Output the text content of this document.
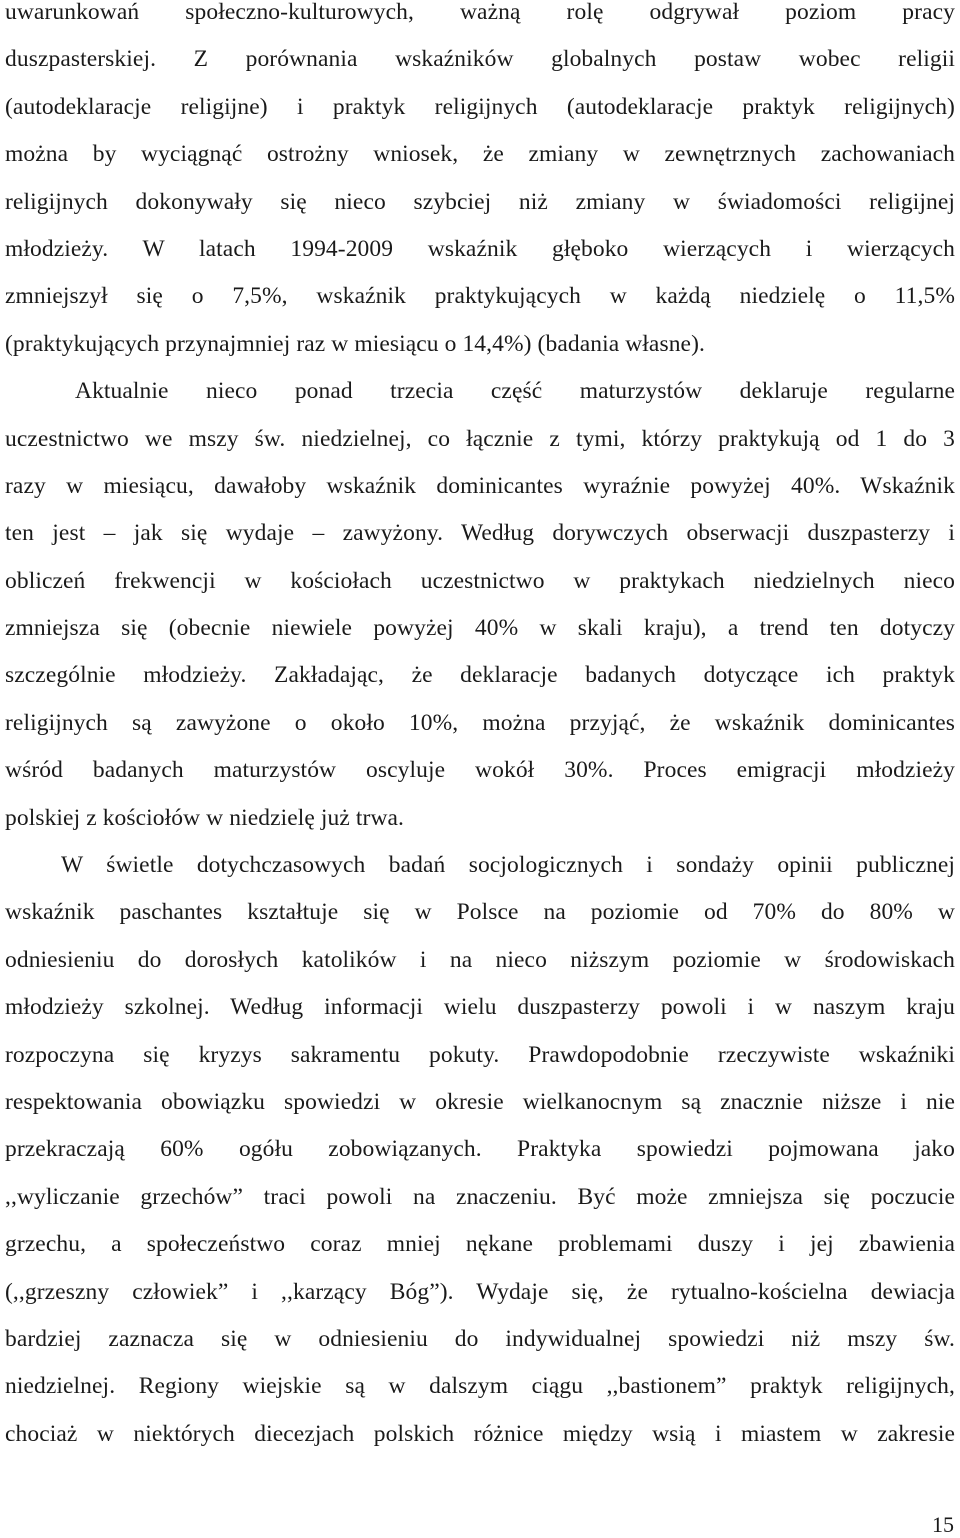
uwarunkowań społeczno-kulturowych, ważną rolę odgrywał poziom pracy
duszpasterskiej. Z porównania wskaźników globalnych postaw wobec religii
(autodeklaracje religijne) i praktyk religijnych (autodeklaracje praktyk religijnych)
można by wyciągnąć ostrożny wniosek, że zmiany w zewnętrznych zachowaniach
religijnych dokonywały się nieco szybciej niż zmiany w świadomości religijnej
młodzieży. W latach 1994-2009 wskaźnik głęboko wierzących i wierzących
zmniejszył się o 7,5%, wskaźnik praktykujących w każdą niedzielę o 11,5%
(praktykujących przynajmniej raz w miesiącu o 14,4%) (badania własne).
Aktualnie nieco ponad trzecia część maturzystów deklaruje regularne
uczestnictwo we mszy św. niedzielnej, co łącznie z tymi, którzy praktykują od 1 do 3
razy w miesiącu, dawałoby wskaźnik dominicantes wyraźnie powyżej 40%. Wskaźnik
ten jest – jak się wydaje – zawyżony. Według dorywczych obserwacji duszpasterzy i
obliczeń frekwencji w kościołach uczestnictwo w praktykach niedzielnych nieco
zmniejsza się (obecnie niewiele powyżej 40% w skali kraju), a trend ten dotyczy
szczególnie młodzieży. Zakładając, że deklaracje badanych dotyczące ich praktyk
religijnych są zawyżone o około 10%, można przyjąć, że wskaźnik dominicantes
wśród badanych maturzystów oscyluje wokół 30%. Proces emigracji młodzieży
polskiej z kościołów w niedzielę już trwa.
W świetle dotychczasowych badań socjologicznych i sondaży opinii publicznej
wskaźnik paschantes kształtuje się w Polsce na poziomie od 70% do 80% w
odniesieniu do dorosłych katolików i na nieco niższym poziomie w środowiskach
młodzieży szkolnej. Według informacji wielu duszpasterzy powoli i w naszym kraju
rozpoczyna się kryzys sakramentu pokuty. Prawdopodobnie rzeczywiste wskaźniki
respektowania obowiązku spowiedzi w okresie wielkanocnym są znacznie niższe i nie
przekraczają 60% ogółu zobowiązanych. Praktyka spowiedzi pojmowana jako
,,wyliczanie grzechów” traci powoli na znaczeniu. Być może zmniejsza się poczucie
grzechu, a społeczeństwo coraz mniej nękane problemami duszy i jej zbawienia
(,,grzeszny człowiek” i ,,karzący Bóg”). Wydaje się, że rytualno-kościelna dewiacja
bardziej zaznacza się w odniesieniu do indywidualnej spowiedzi niż mszy św.
niedzielnej. Regiony wiejskie są w dalszym ciągu ,,bastionem” praktyk religijnych,
chociaż w niektórych diecezjach polskich różnice między wsią i miastem w zakresie
15
